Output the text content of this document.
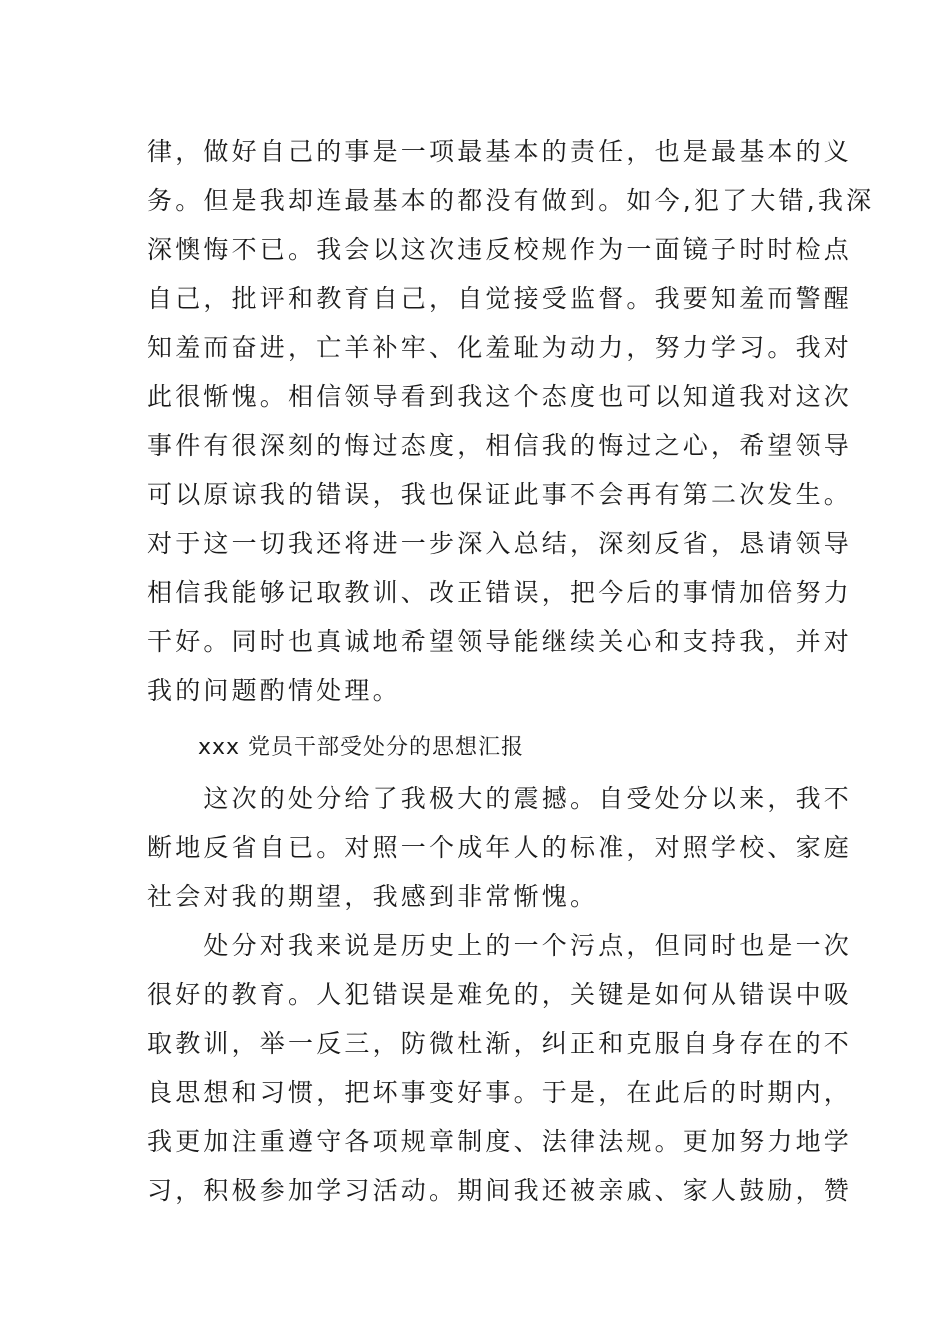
律，做好自己的事是一项最基本的责任，也是最基本的义
务。但是我却连最基本的都没有做到。如今,犯了大错,我深
深懊悔不已。我会以这次违反校规作为一面镜子时时检点
自己，批评和教育自己，自觉接受监督。我要知羞而警醒
知羞而奋进，亡羊补牢、化羞耻为动力，努力学习。我对
此很惭愧。相信领导看到我这个态度也可以知道我对这次
事件有很深刻的悔过态度，相信我的悔过之心，希望领导
可以原谅我的错误，我也保证此事不会再有第二次发生。
对于这一切我还将进一步深入总结，深刻反省，恳请领导
相信我能够记取教训、改正错误，把今后的事情加倍努力
干好。同时也真诚地希望领导能继续关心和支持我，并对
我的问题酌情处理。
xxx 党员干部受处分的思想汇报
　　这次的处分给了我极大的震撼。自受处分以来，我不
断地反省自已。对照一个成年人的标准，对照学校、家庭
社会对我的期望，我感到非常惭愧。
　　处分对我来说是历史上的一个污点，但同时也是一次
很好的教育。人犯错误是难免的，关键是如何从错误中吸
取教训，举一反三，防微杜渐，纠正和克服自身存在的不
良思想和习惯，把坏事变好事。于是，在此后的时期内，
我更加注重遵守各项规章制度、法律法规。更加努力地学
习，积极参加学习活动。期间我还被亲戚、家人鼓励，赞
